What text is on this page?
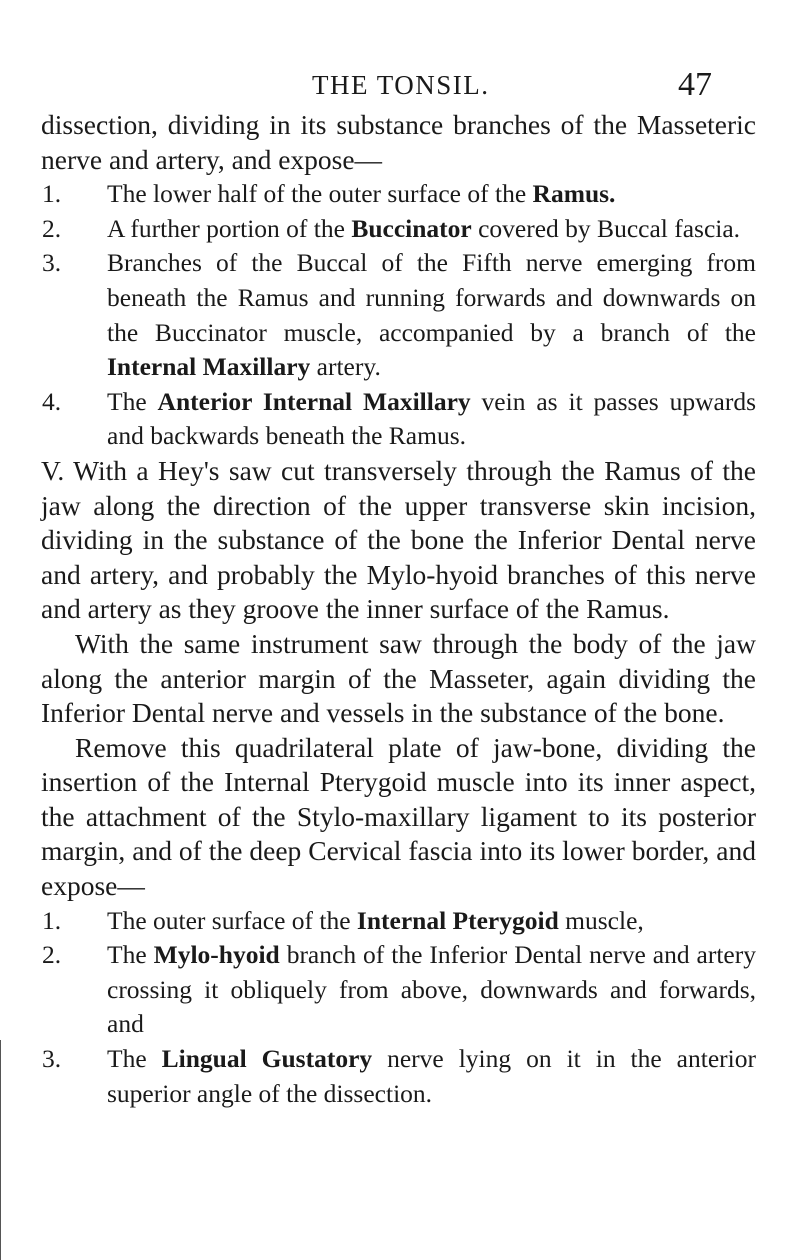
THE TONSIL.	47

dissection, dividing in its substance branches of the Masseteric nerve and artery, and expose—

1.	The lower half of the outer surface of the Ramus.
2.	A further portion of the Buccinator covered by Buccal fascia.
3.	Branches of the Buccal of the Fifth nerve emerging from beneath the Ramus and running forwards and downwards on the Buccinator muscle, accompanied by a branch of the Internal Maxillary artery.
4.	The Anterior Internal Maxillary vein as it passes upwards and backwards beneath the Ramus.

V. With a Hey's saw cut transversely through the Ramus of the jaw along the direction of the upper transverse skin incision, dividing in the substance of the bone the Inferior Dental nerve and artery, and probably the Mylo-hyoid branches of this nerve and artery as they groove the inner surface of the Ramus.

With the same instrument saw through the body of the jaw along the anterior margin of the Masseter, again dividing the Inferior Dental nerve and vessels in the substance of the bone.

Remove this quadrilateral plate of jaw-bone, dividing the insertion of the Internal Pterygoid muscle into its inner aspect, the attachment of the Stylo-maxillary ligament to its posterior margin, and of the deep Cervical fascia into its lower border, and expose—

1.	The outer surface of the Internal Pterygoid muscle,
2.	The Mylo-hyoid branch of the Inferior Dental nerve and artery crossing it obliquely from above, downwards and forwards, and
3.	The Lingual Gustatory nerve lying on it in the anterior superior angle of the dissection.
